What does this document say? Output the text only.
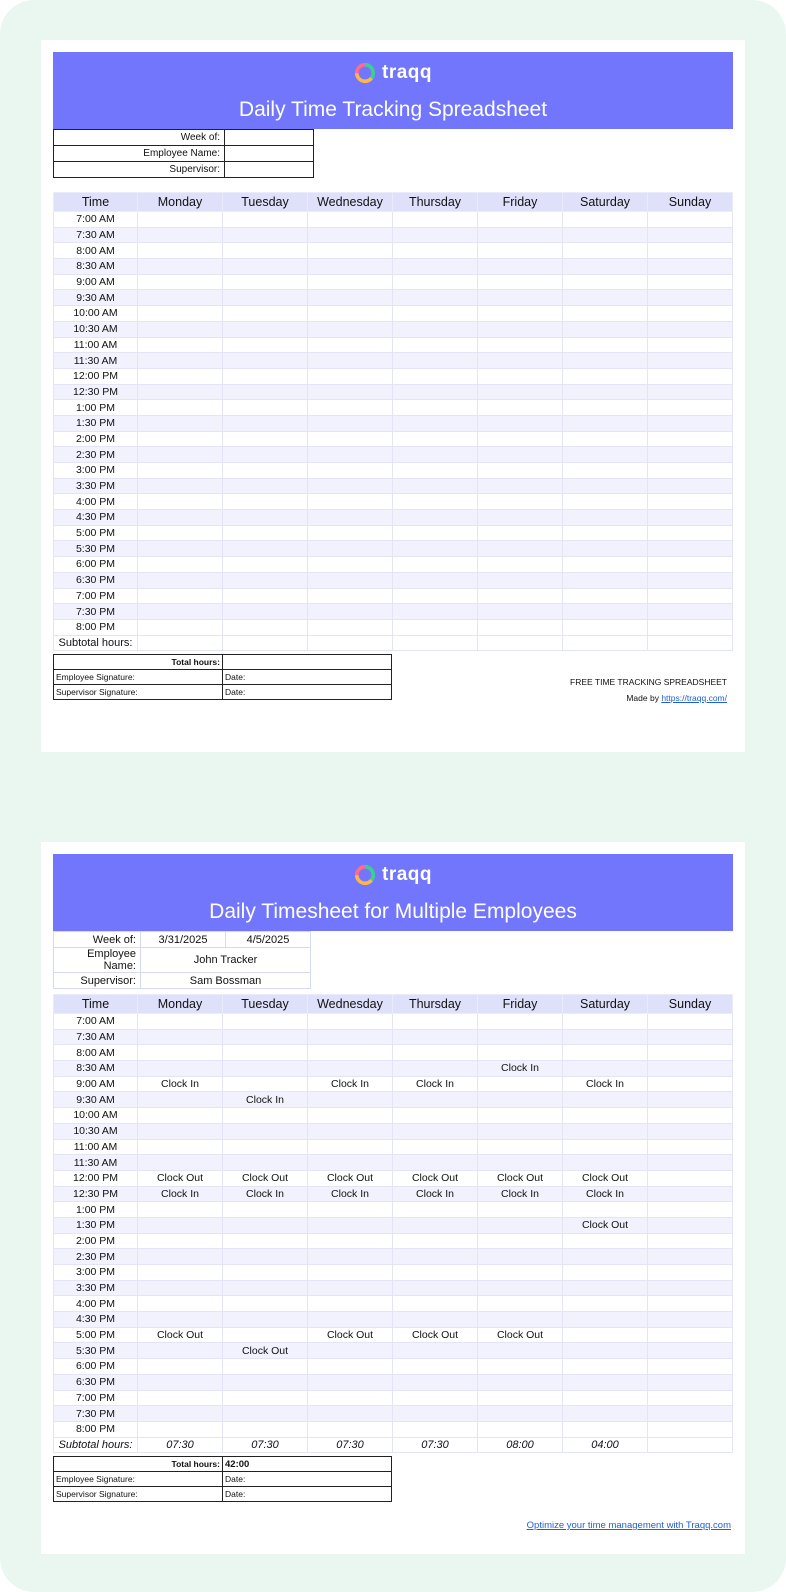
traqq
Daily Time Tracking Spreadsheet
Week of:	
Employee Name:	
Supervisor:	
Time	Monday	Tuesday	Wednesday	Thursday	Friday	Saturday	Sunday
7:00 AM							
7:30 AM							
8:00 AM							
8:30 AM							
9:00 AM							
9:30 AM							
10:00 AM							
10:30 AM							
11:00 AM							
11:30 AM							
12:00 PM							
12:30 PM							
1:00 PM							
1:30 PM							
2:00 PM							
2:30 PM							
3:00 PM							
3:30 PM							
4:00 PM							
4:30 PM							
5:00 PM							
5:30 PM							
6:00 PM							
6:30 PM							
7:00 PM							
7:30 PM							
8:00 PM							
Subtotal hours:							
Total hours:	
Employee Signature:	Date:
Supervisor Signature:	Date:
FREE TIME TRACKING SPREADSHEET
Made by https://traqq.com/
traqq
Daily Timesheet for Multiple Employees
Week of:	3/31/2025	4/5/2025
Employee Name:	John Tracker	
Supervisor:	Sam Bossman	
Time	Monday	Tuesday	Wednesday	Thursday	Friday	Saturday	Sunday
7:00 AM							
7:30 AM							
8:00 AM							
8:30 AM					Clock In		
9:00 AM	Clock In		Clock In	Clock In		Clock In	
9:30 AM		Clock In					
10:00 AM							
10:30 AM							
11:00 AM							
11:30 AM							
12:00 PM	Clock Out	Clock Out	Clock Out	Clock Out	Clock Out	Clock Out	
12:30 PM	Clock In	Clock In	Clock In	Clock In	Clock In	Clock In	
1:00 PM							
1:30 PM						Clock Out	
2:00 PM							
2:30 PM							
3:00 PM							
3:30 PM							
4:00 PM							
4:30 PM							
5:00 PM	Clock Out		Clock Out	Clock Out	Clock Out		
5:30 PM		Clock Out					
6:00 PM							
6:30 PM							
7:00 PM							
7:30 PM							
8:00 PM							
Subtotal hours:	07:30	07:30	07:30	07:30	08:00	04:00	
Total hours:	42:00
Employee Signature:	Date:
Supervisor Signature:	Date:
Optimize your time management with Traqq.com
